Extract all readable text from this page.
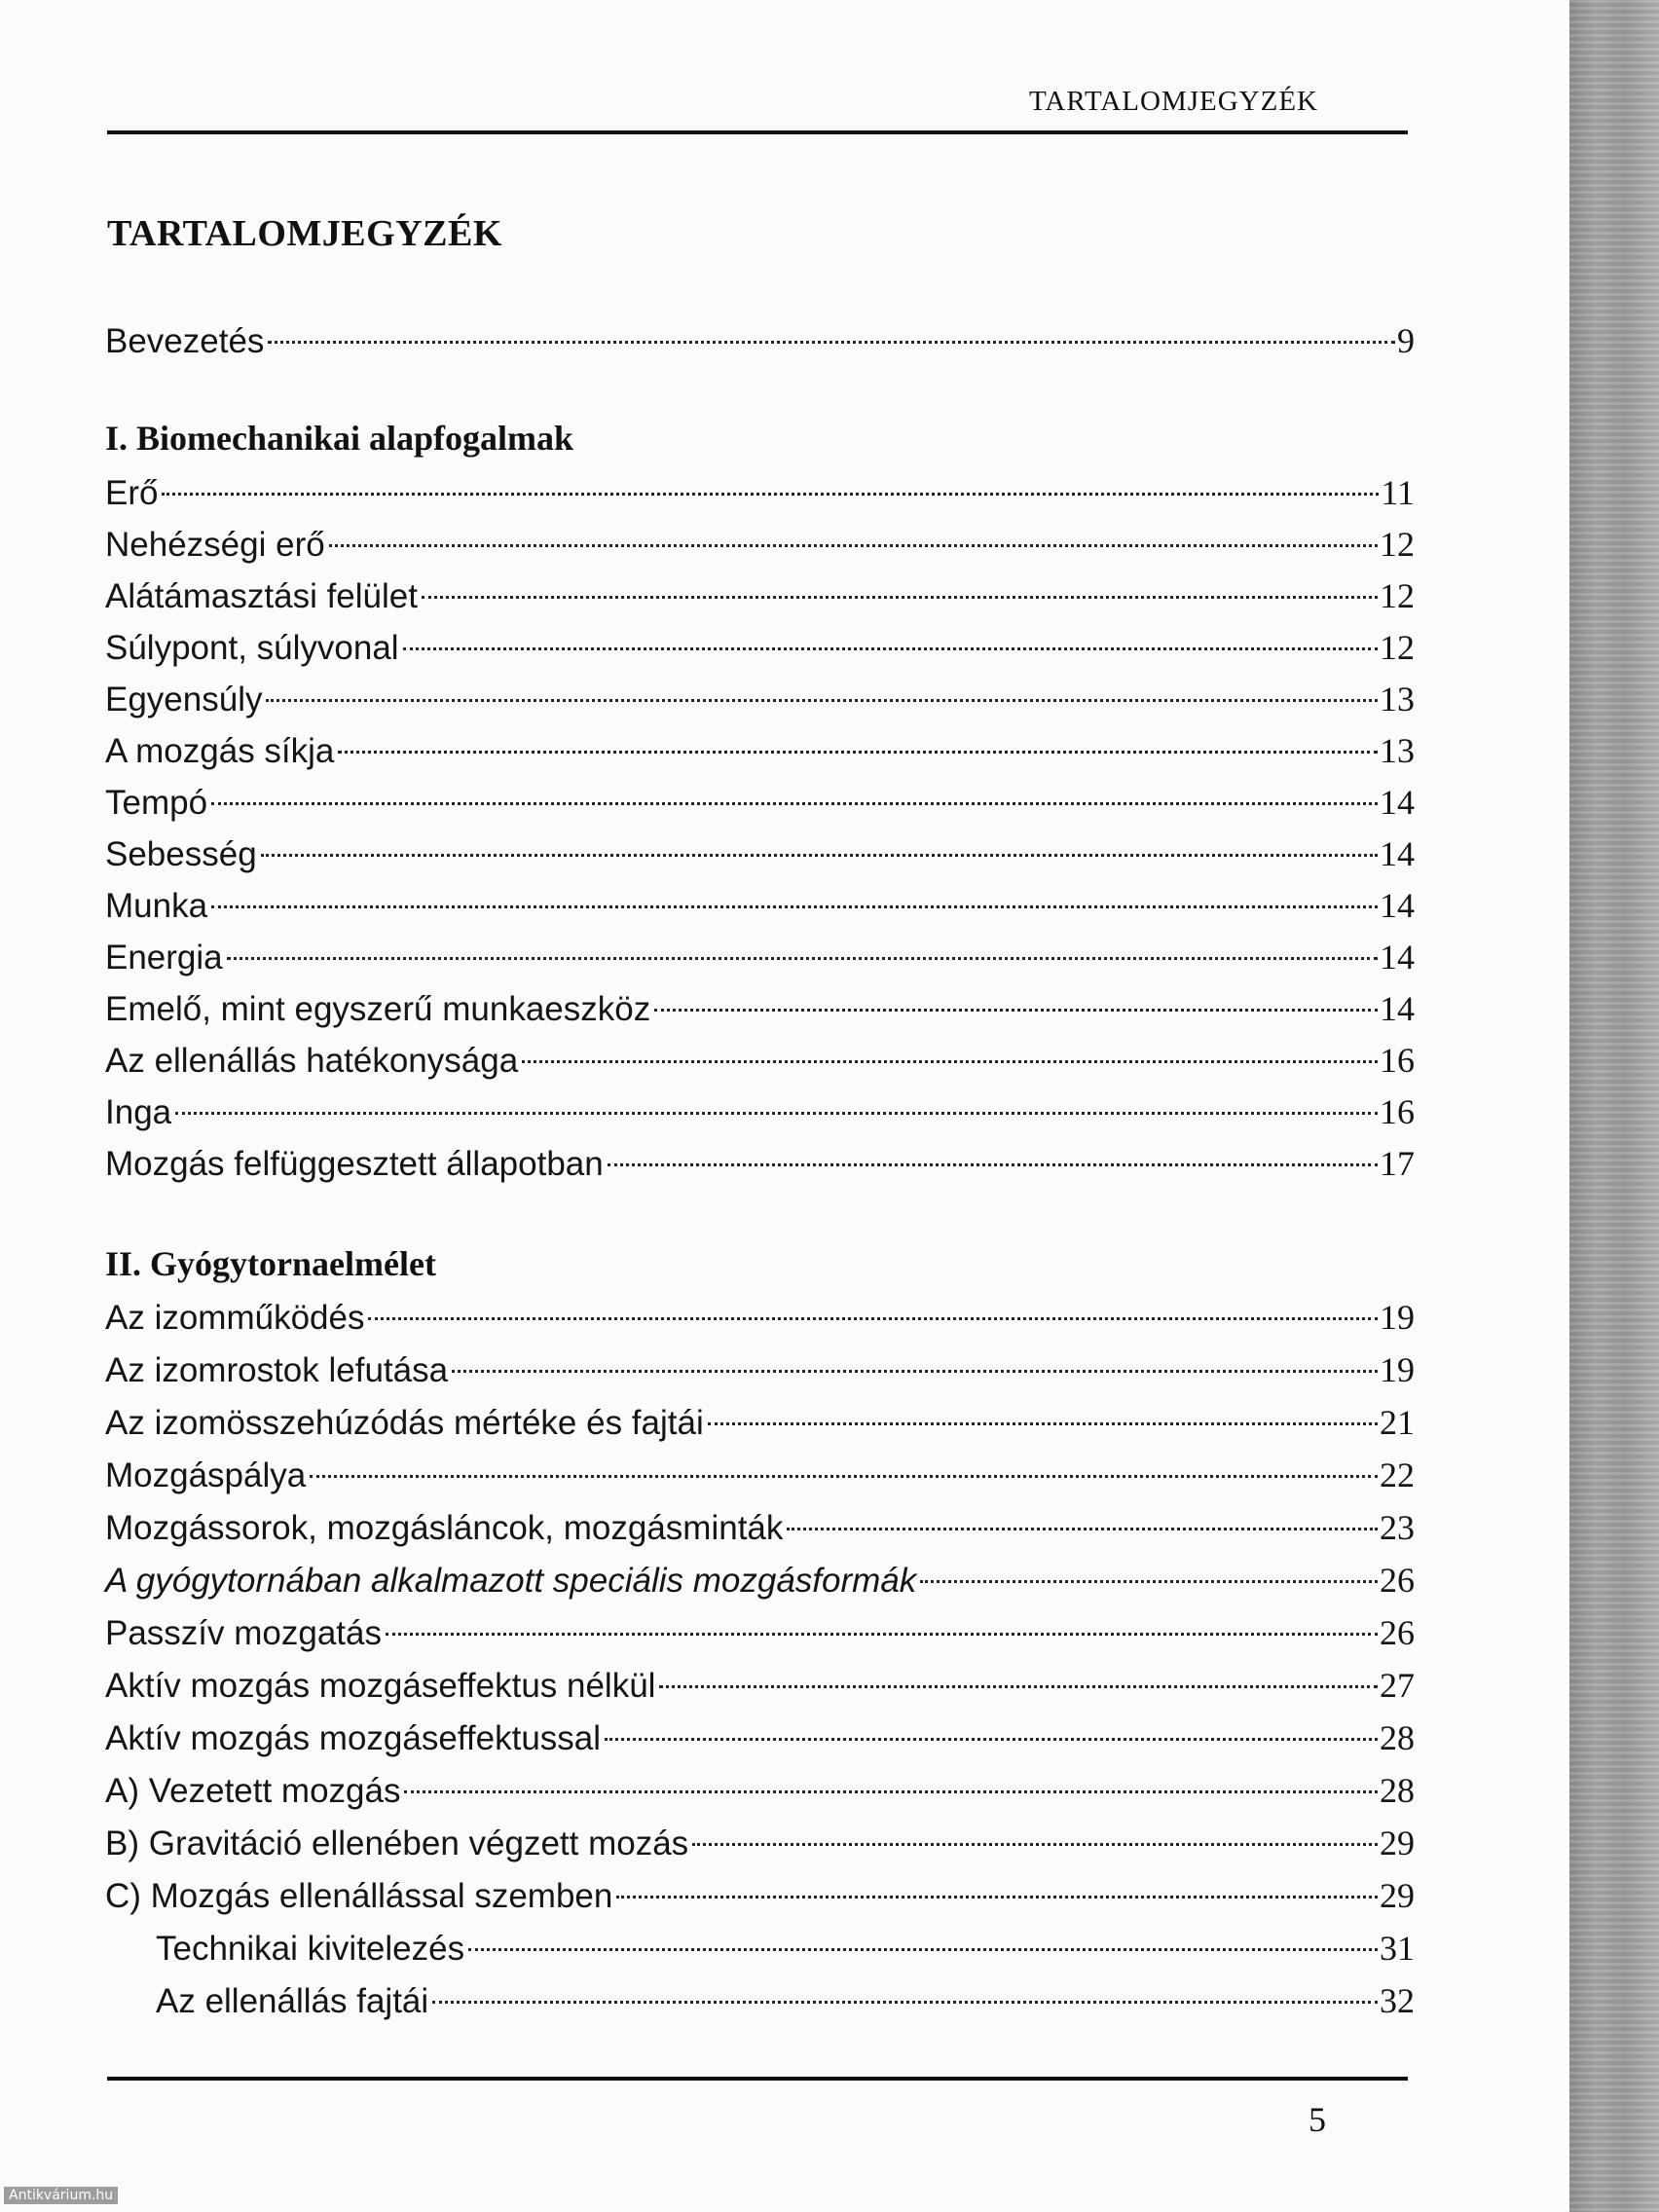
TARTALOMJEGYZÉK
TARTALOMJEGYZÉK
Bevezetés	9
I. Biomechanikai alapfogalmak
Erő	11
Nehézségi erő	12
Alátámasztási felület	12
Súlypont, súlyvonal	12
Egyensúly	13
A mozgás síkja	13
Tempó	14
Sebesség	14
Munka	14
Energia	14
Emelő, mint egyszerű munkaeszköz	14
Az ellenállás hatékonysága	16
Inga	16
Mozgás felfüggesztett állapotban	17
II. Gyógytornaelmélet
Az izomműködés	19
Az izomrostok lefutása	19
Az izomösszehúzódás mértéke és fajtái	21
Mozgáspálya	22
Mozgássorok, mozgásláncok, mozgásminták	23
A gyógytornában alkalmazott speciális mozgásformák	26
Passzív mozgatás	26
Aktív mozgás mozgáseffektus nélkül	27
Aktív mozgás mozgáseffektussal	28
A) Vezetett mozgás	28
B) Gravitáció ellenében végzett mozás	29
C) Mozgás ellenállással szemben	29
Technikai kivitelezés	31
Az ellenállás fajtái	32
5
Antikvárium.hu
